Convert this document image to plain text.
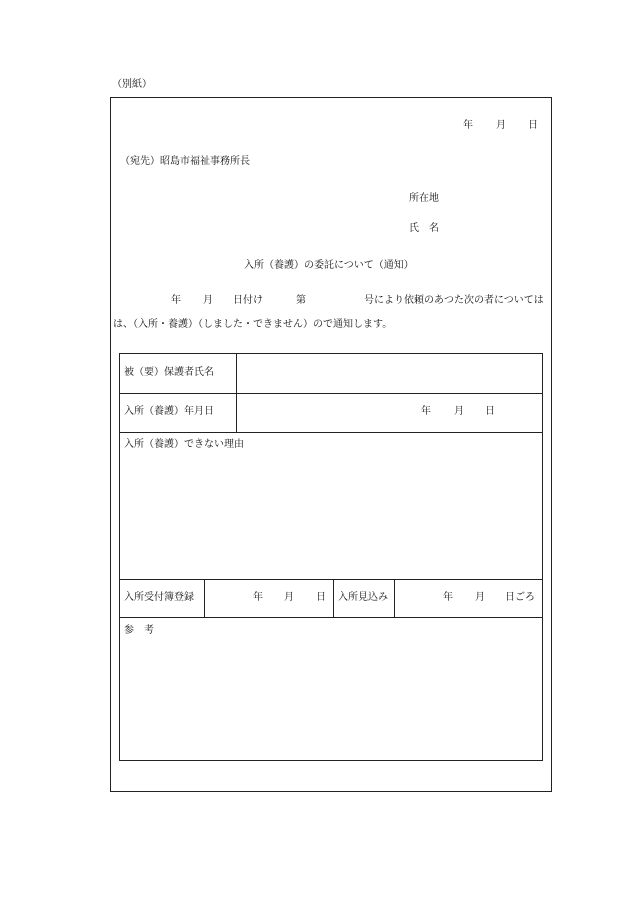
（別紙）
年 月 日
（宛先）昭島市福祉事務所長
所在地
氏　名
入所（養護）の委託について（通知）
年 月 日付け	第	号により依頼のあつた次の者については
は、（入所・養護）（しました・できません）ので通知します。
被（要）保護者氏名
入所（養護）年月日	年 月 日
入所（養護）できない理由
入所受付簿登録	年 月 日 入所見込み	年 月 日ごろ
参　考
